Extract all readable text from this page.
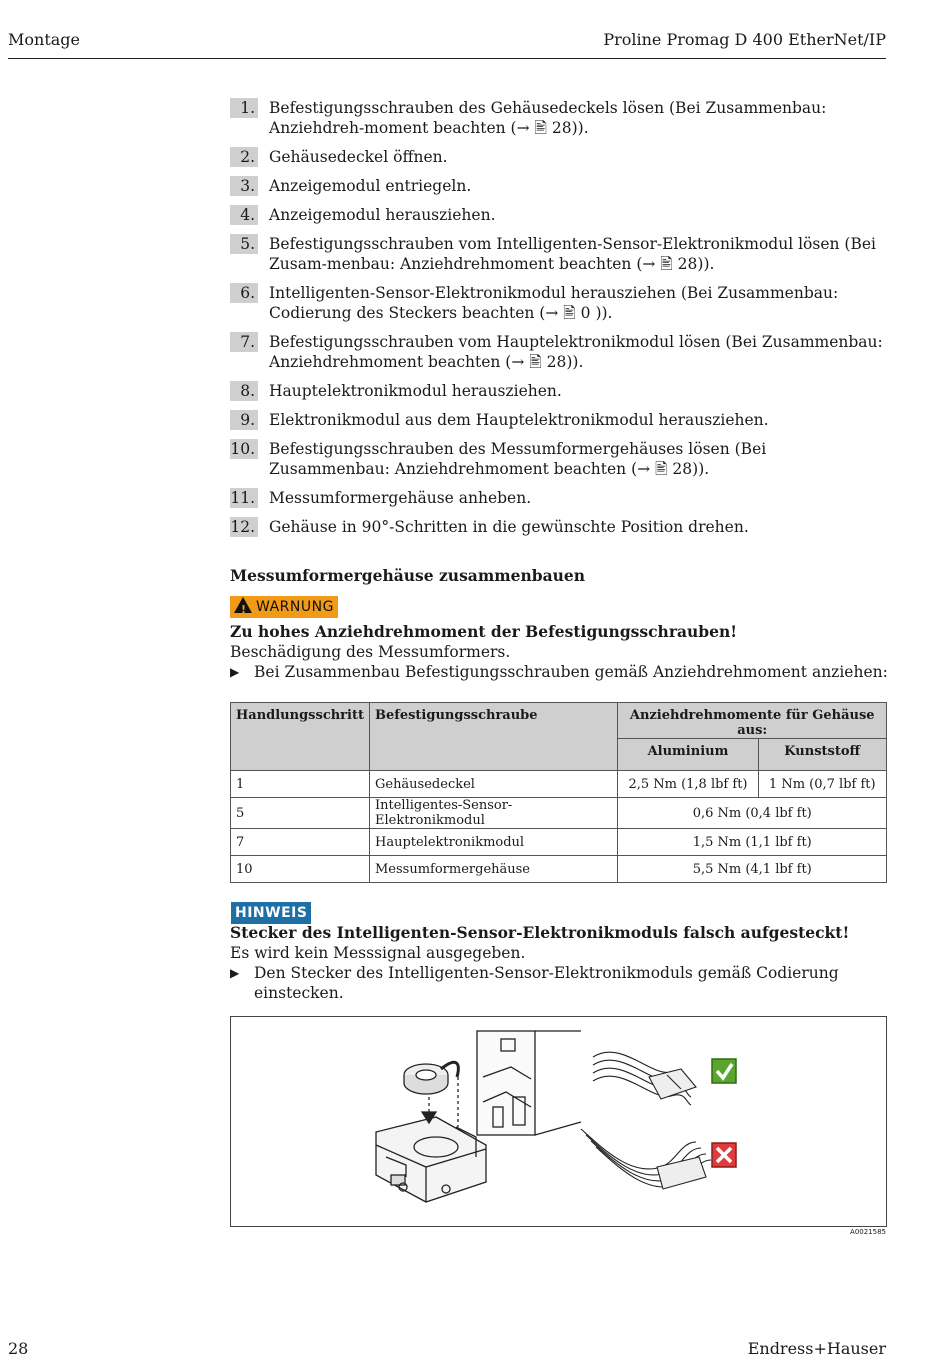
Montage	Proline Promag D 400 EtherNet/IP
1. Befestigungsschrauben des Gehäusedeckels lösen (Bei Zusammenbau: Anziehdreh-moment beachten (→ 🖹 28)).
2. Gehäusedeckel öffnen.
3. Anzeigemodul entriegeln.
4. Anzeigemodul herausziehen.
5. Befestigungsschrauben vom Intelligenten-Sensor-Elektronikmodul lösen (Bei Zusam-menbau: Anziehdrehmoment beachten (→ 🖹 28)).
6. Intelligenten-Sensor-Elektronikmodul herausziehen (Bei Zusammenbau: Codierung des Steckers beachten (→ 🖹 0 )).
7. Befestigungsschrauben vom Hauptelektronikmodul lösen (Bei Zusammenbau: Anziehdrehmoment beachten (→ 🖹 28)).
8. Hauptelektronikmodul herausziehen.
9. Elektronikmodul aus dem Hauptelektronikmodul herausziehen.
10. Befestigungsschrauben des Messumformergehäuses lösen (Bei Zusammenbau: Anziehdrehmoment beachten (→ 🖹 28)).
11. Messumformergehäuse anheben.
12. Gehäuse in 90°-Schritten in die gewünschte Position drehen.
Messumformergehäuse zusammenbauen
! WARNUNG
Zu hohes Anziehdrehmoment der Befestigungsschrauben!
Beschädigung des Messumformers.
▶ Bei Zusammenbau Befestigungsschrauben gemäß Anziehdrehmoment anziehen:
Handlungsschritt	Befestigungsschraube	Anziehdrehmomente für Gehäuse aus:	
		Aluminium	Kunststoff
1	Gehäusedeckel	2,5 Nm (1,8 lbf ft)	1 Nm (0,7 lbf ft)
5	Intelligentes-Sensor-Elektronikmodul	0,6 Nm (0,4 lbf ft)	
7	Hauptelektronikmodul	1,5 Nm (1,1 lbf ft)	
10	Messumformergehäuse	5,5 Nm (4,1 lbf ft)	
HINWEIS
Stecker des Intelligenten-Sensor-Elektronikmoduls falsch aufgesteckt!
Es wird kein Messsignal ausgegeben.
▶ Den Stecker des Intelligenten-Sensor-Elektronikmoduls gemäß Codierung einstecken.
A0021585
28	Endress+Hauser
